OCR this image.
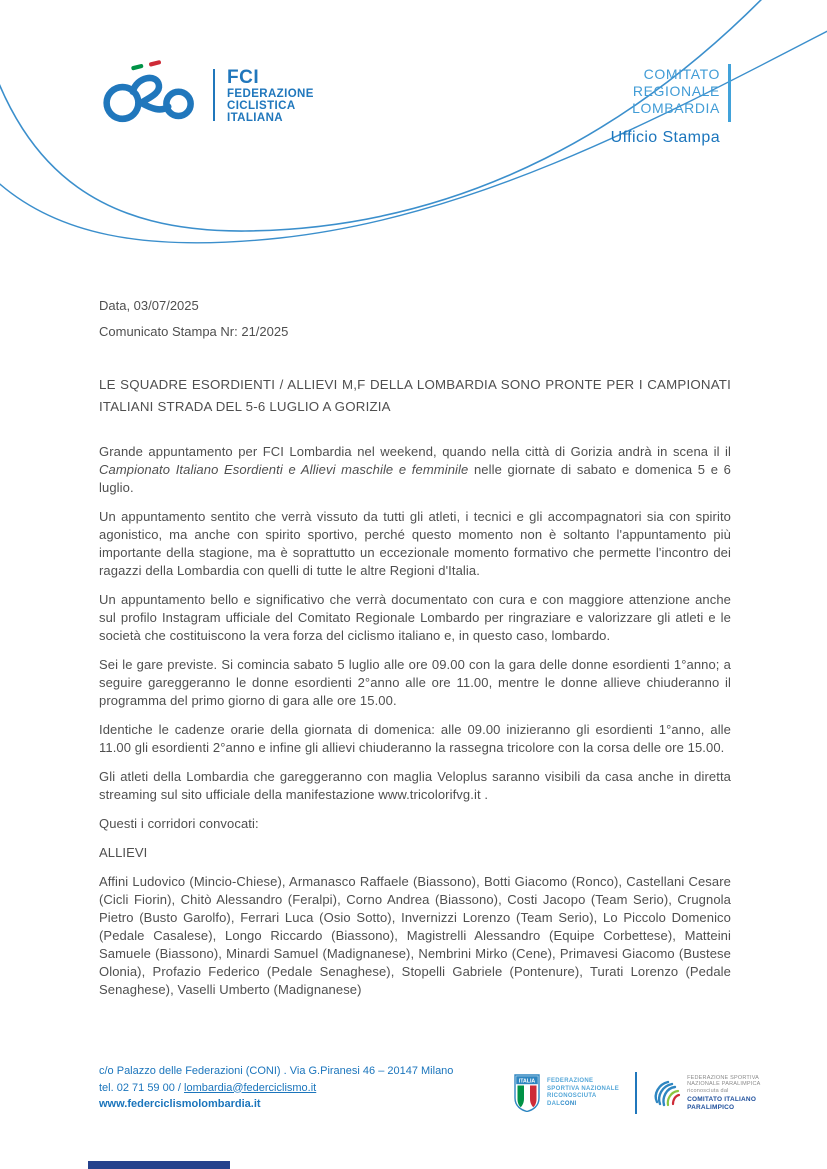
FCI
FEDERAZIONE
CICLISTICA
ITALIANA
COMITATO
REGIONALE
LOMBARDIA
Ufficio Stampa
Data, 03/07/2025
Comunicato Stampa Nr: 21/2025
LE SQUADRE ESORDIENTI / ALLIEVI M,F DELLA LOMBARDIA SONO PRONTE PER I CAMPIONATI ITALIANI STRADA DEL 5-6 LUGLIO A GORIZIA

Grande appuntamento per FCI Lombardia nel weekend, quando nella città di Gorizia andrà in scena il il Campionato Italiano Esordienti e Allievi maschile e femminile nelle giornate di sabato e domenica 5 e 6 luglio.

Un appuntamento sentito che verrà vissuto da tutti gli atleti, i tecnici e gli accompagnatori sia con spirito agonistico, ma anche con spirito sportivo, perché questo momento non è soltanto l'appuntamento più importante della stagione, ma è soprattutto un eccezionale momento formativo che permette l'incontro dei ragazzi della Lombardia con quelli di tutte le altre Regioni d'Italia.

Un appuntamento bello e significativo che verrà documentato con cura e con maggiore attenzione anche sul profilo Instagram ufficiale del Comitato Regionale Lombardo per ringraziare e valorizzare gli atleti e le società che costituiscono la vera forza del ciclismo italiano e, in questo caso, lombardo.

Sei le gare previste. Si comincia sabato 5 luglio alle ore 09.00 con la gara delle donne esordienti 1°anno; a seguire gareggeranno le donne esordienti 2°anno alle ore 11.00, mentre le donne allieve chiuderanno il programma del primo giorno di gara alle ore 15.00.

Identiche le cadenze orarie della giornata di domenica: alle 09.00 inizieranno gli esordienti 1°anno, alle 11.00 gli esordienti 2°anno e infine gli allievi chiuderanno la rassegna tricolore con la corsa delle ore 15.00.

Gli atleti della Lombardia che gareggeranno con maglia Veloplus saranno visibili da casa anche in diretta streaming sul sito ufficiale della manifestazione www.tricolorifvg.it .

Questi i corridori convocati:

ALLIEVI

Affini Ludovico (Mincio-Chiese), Armanasco Raffaele (Biassono), Botti Giacomo (Ronco), Castellani Cesare (Cicli Fiorin), Chitò Alessandro (Feralpi), Corno Andrea (Biassono), Costi Jacopo (Team Serio), Crugnola Pietro (Busto Garolfo), Ferrari Luca (Osio Sotto), Invernizzi Lorenzo (Team Serio), Lo Piccolo Domenico (Pedale Casalese), Longo Riccardo (Biassono), Magistrelli Alessandro (Equipe Corbettese), Matteini Samuele (Biassono), Minardi Samuel (Madignanese), Nembrini Mirko (Cene), Primavesi Giacomo (Bustese Olonia), Profazio Federico (Pedale Senaghese), Stopelli Gabriele (Pontenure), Turati Lorenzo (Pedale Senaghese), Vaselli Umberto (Madignanese)

c/o Palazzo delle Federazioni (CONI) . Via G.Piranesi 46 – 20147 Milano
tel. 02 71 59 00 / lombardia@federciclismo.it
www.federciclismolombardia.it
ITALIA FEDERAZIONE
SPORTIVA NAZIONALE
RICONOSCIUTA
DALCONI
FEDERAZIONE SPORTIVA
NAZIONALE PARALIMPICA
riconosciuta dal
COMITATO ITALIANO
PARALIMPICO
